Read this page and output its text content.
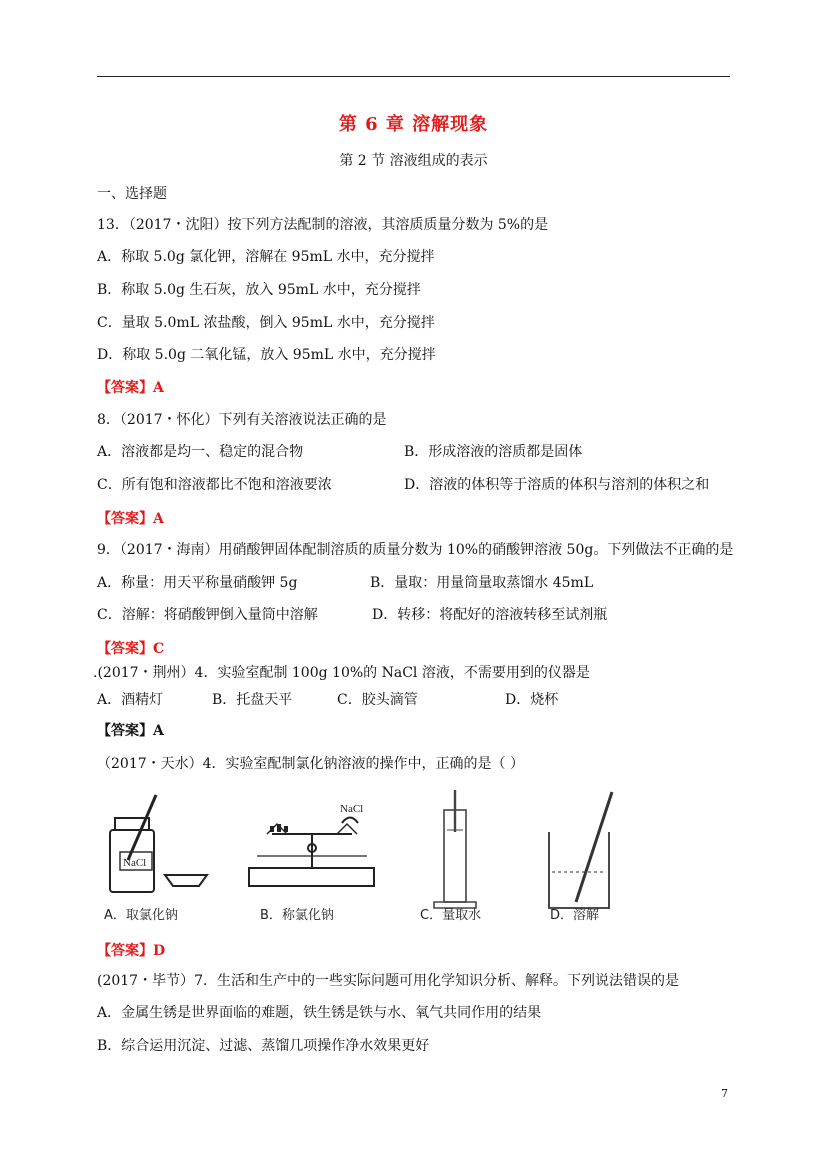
第 6 章 溶解现象
第 2 节 溶液组成的表示
一、选择题
13．（2017・沈阳）按下列方法配制的溶液，其溶质质量分数为 5%的是
A．称取 5.0g 氯化钾，溶解在 95mL 水中，充分搅拌
B．称取 5.0g 生石灰，放入 95mL 水中，充分搅拌
C．量取 5.0mL 浓盐酸，倒入 95mL 水中，充分搅拌
D．称取 5.0g 二氧化锰，放入 95mL 水中，充分搅拌
【答案】A
8．（2017・怀化）下列有关溶液说法正确的是
A．溶液都是均一、稳定的混合物	B．形成溶液的溶质都是固体
C．所有饱和溶液都比不饱和溶液要浓	D．溶液的体积等于溶质的体积与溶剂的体积之和
【答案】A
9．（2017・海南）用硝酸钾固体配制溶质的质量分数为 10%的硝酸钾溶液 50g。下列做法不正确的是
A．称量：用天平称量硝酸钾 5g	B．量取：用量筒量取蒸馏水 45mL
C．溶解：将硝酸钾倒入量筒中溶解	D．转移：将配好的溶液转移至试剂瓶
【答案】C
.(2017・荆州）4．实验室配制 100g 10%的 NaCl 溶液，不需要用到的仪器是
A．酒精灯	B．托盘天平	C．胶头滴管	D．烧杯
【答案】A
（2017・天水）4．实验室配制氯化钠溶液的操作中，正确的是（ ）
NaCl
NaCl
A．取氯化钠	B．称氯化钠	C．量取水	D．溶解
【答案】D
(2017・毕节）7．生活和生产中的一些实际问题可用化学知识分析、解释。下列说法错误的是
A．金属生锈是世界面临的难题，铁生锈是铁与水、氧气共同作用的结果
B．综合运用沉淀、过滤、蒸馏几项操作净水效果更好
7
